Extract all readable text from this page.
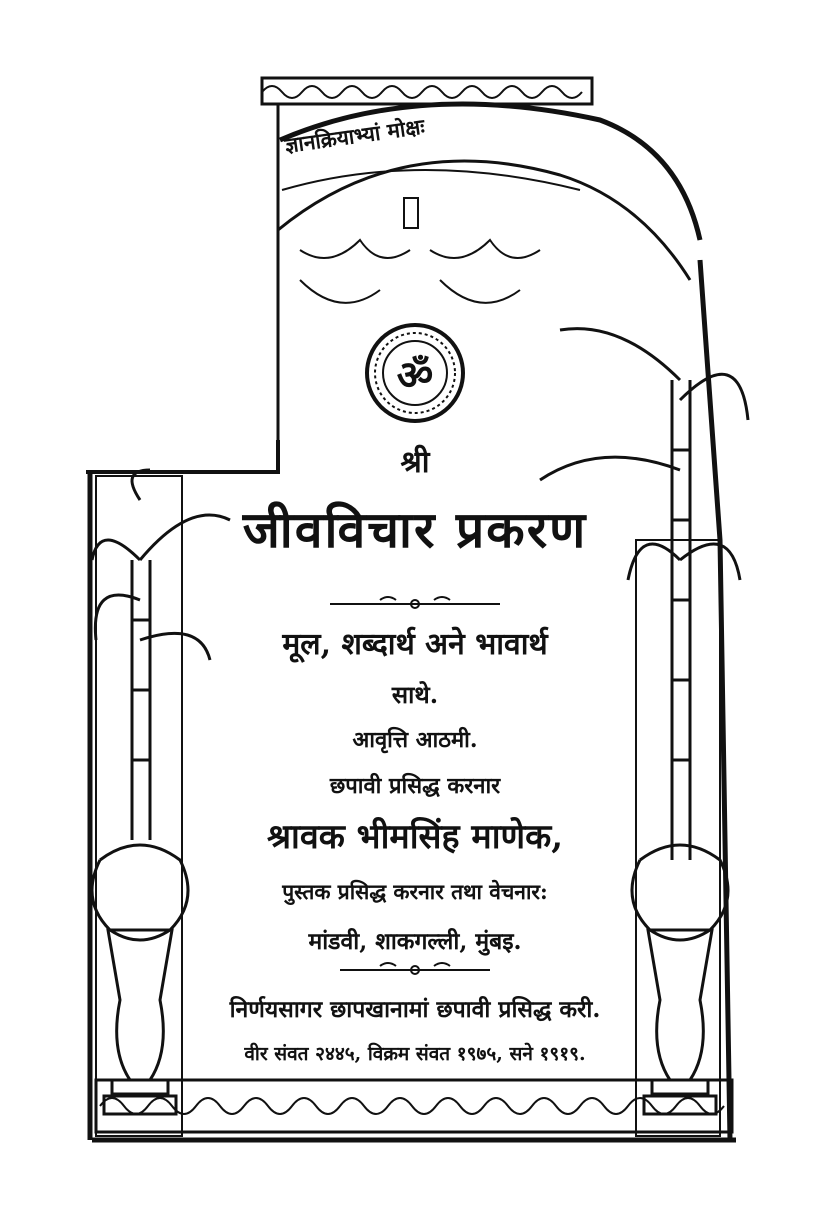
ज्ञानक्रियाभ्यां मोक्षः
ॐ
श्री
जीवविचार प्रकरण
मूल, शब्दार्थ अने भावार्थ
साथे.
आवृत्ति आठमी.
छपावी प्रसिद्ध करनार
श्रावक भीमसिंह माणेक,
पुस्तक प्रसिद्ध करनार तथा वेचनार:
मांडवी, शाकगल्ली, मुंबइ.
निर्णयसागर छापखानामां छपावी प्रसिद्ध करी.
वीर संवत २४४५, विक्रम संवत १९७५, सने १९१९.
